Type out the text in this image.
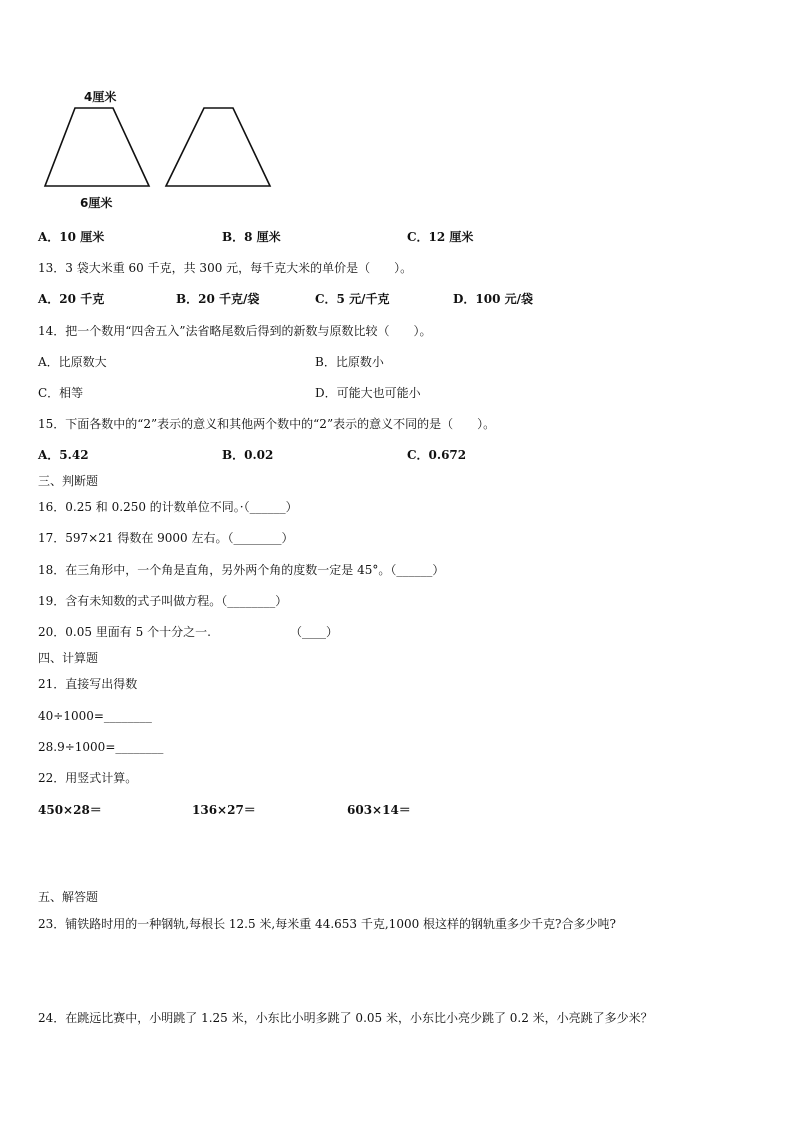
4厘米
6厘米
A．10 厘米	B．8 厘米	C．12 厘米
13．3 袋大米重 60 千克，共 300 元，每千克大米的单价是（　　）。
A．20 千克	B．20 千克/袋	C．5 元/千克	D．100 元/袋
14．把一个数用“四舍五入”法省略尾数后得到的新数与原数比较（　　）。
A．比原数大	B．比原数小
C．相等	D．可能大也可能小
15．下面各数中的“2”表示的意义和其他两个数中的“2”表示的意义不同的是（　　）。
A．5.42	B．0.02	C．0.672
三、判断题
16．0.25 和 0.250 的计数单位不同。·（______）
17．597×21 得数在 9000 左右。（________）
18．在三角形中，一个角是直角，另外两个角的度数一定是 45°。（______）
19．含有未知数的式子叫做方程。（________）
20．0.05 里面有 5 个十分之一.	（____）
四、计算题
21．直接写出得数
40÷1000=________
28.9÷1000=________
22．用竖式计算。
450×28＝	136×27＝	603×14＝
五、解答题
23．铺铁路时用的一种钢轨,每根长 12.5 米,每米重 44.653 千克,1000 根这样的钢轨重多少千克?合多少吨?
24．在跳远比赛中，小明跳了 1.25 米，小东比小明多跳了 0.05 米，小东比小亮少跳了 0.2 米，小亮跳了多少米？
